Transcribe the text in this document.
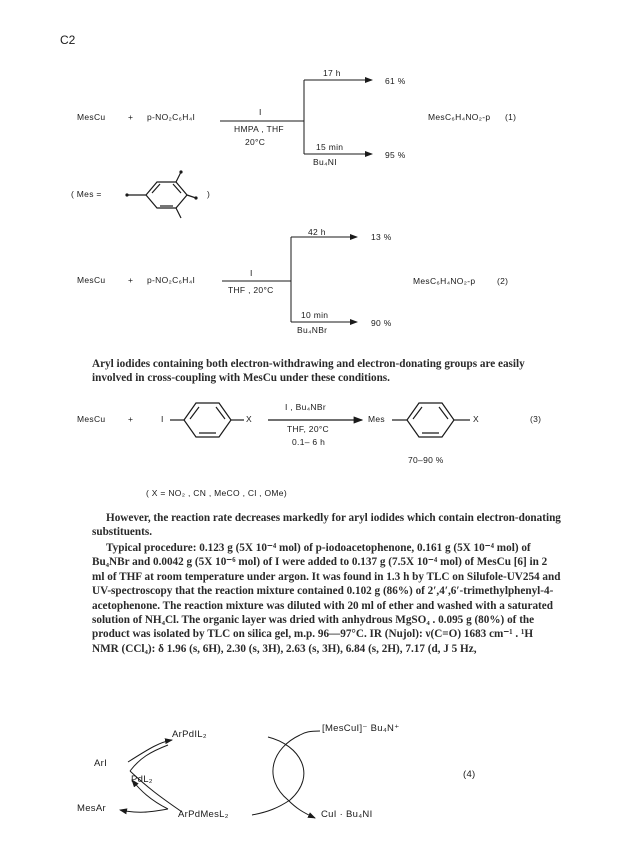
C2
MesCu	+ p-NO₂C₆H₄I	I
HMPA , THF
20°C
17 h
61 %
15 min
Bu₄NI
95 %
MesC₆H₄NO₂-p (1)
( Mes =	)
MesCu	+ p-NO₂C₆H₄I
I
THF , 20°C
42 h	13 %
10 min
Bu₄NBr
90 %
MesC₆H₄NO₂-p	(2)

Aryl iodides containing both electron-withdrawing and electron-donating groups are easily involved in cross-coupling with MesCu under these conditions.

MesCu	+	I	X
I , Bu₄NBr
THF, 20°C
0.1– 6 h
Mes	X	(3)
70–90 %
( X = NO₂ , CN , MeCO , Cl , OMe)

However, the reaction rate decreases markedly for aryl iodides which contain electron-donating substituents.

Typical procedure: 0.123 g (5X 10⁻⁴ mol) of p-iodoacetophenone, 0.161 g (5X 10⁻⁴ mol) of Bu₄NBr and 0.0042 g (5X 10⁻⁶ mol) of I were added to 0.137 g (7.5X 10⁻⁴ mol) of MesCu [6] in 2 ml of THF at room temperature under argon. It was found in 1.3 h by TLC on Silufole-UV254 and UV-spectroscopy that the reaction mixture contained 0.102 g (86%) of 2′,4′,6′-trimethylphenyl-4-acetophenone. The reaction mixture was diluted with 20 ml of ether and washed with a saturated solution of NH₄Cl. The organic layer was dried with anhydrous MgSO₄ . 0.095 g (80%) of the product was isolated by TLC on silica gel, m.p. 96—97°C. IR (Nujol): ν(C=O) 1683 cm⁻¹ . ¹H NMR (CCl₄): δ 1.96 (s, 6H), 2.30 (s, 3H), 2.63 (s, 3H), 6.84 (s, 2H), 7.17 (d, J 5 Hz,

ArPdIL₂
[MesCuI]⁻ Bu₄N⁺
ArI
PdL₂	(4)
MesAr
ArPdMesL₂	CuI · Bu₄NI
